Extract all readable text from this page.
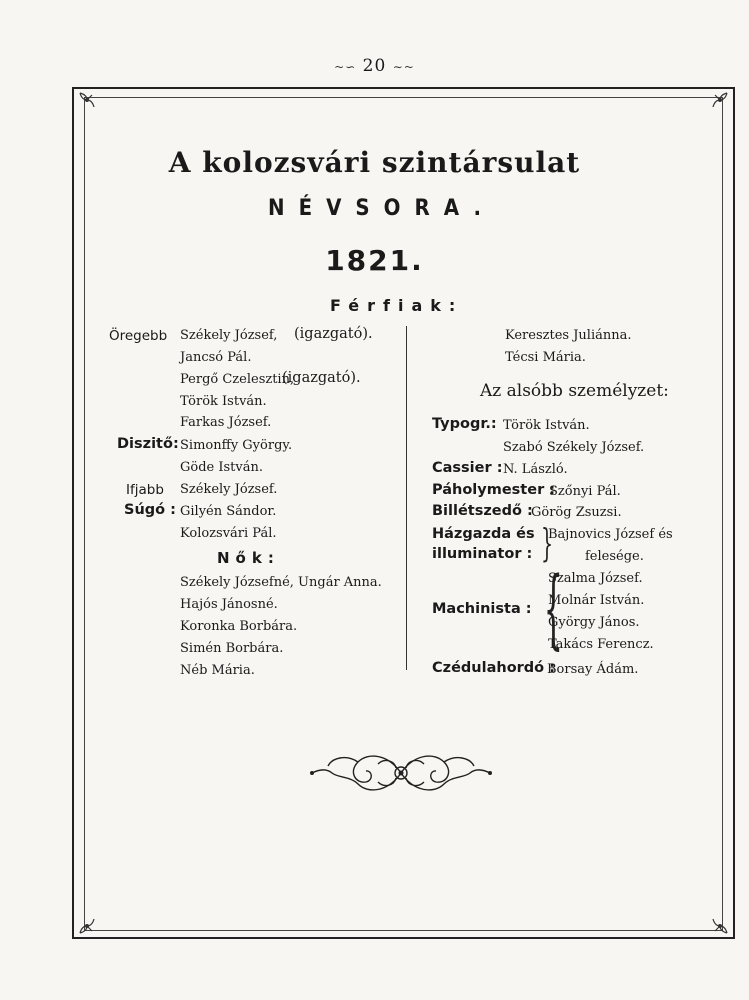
~∽ 20 ∼~
A kolozsvári szintársulat
NÉVSORA.
1821.
Férfiak:
Öregebb Székely József, (igazgató).
Jancsó Pál.
Pergő Czelesztin,
(igazgató).
Török István.
Farkas József.
Diszitő: Simonffy György.
Göde István.
Ifjabb Székely József.
Súgó : Gilyén Sándor.
Kolozsvári Pál.
Nők:
Székely Józsefné, Ungár Anna.
Hajós Jánosné.
Koronka Borbára.
Simén Borbára.
Néb Mária.
Keresztes Juliánna.
Técsi Mária.
Az alsóbb személyzet:
Typogr.: Török István.
Szabó Székely József.
Cassier : N. László.
Páholymester :
Szőnyi Pál.
Billétszedő :
Görög Zsuzsi.
Házgazda és
illuminator : }
Bajnovics József és
felesége.
Machinista : {
Szalma József.
Molnár István.
György János.
Takács Ferencz.
Czédulahordó :
Borsay Ádám.
